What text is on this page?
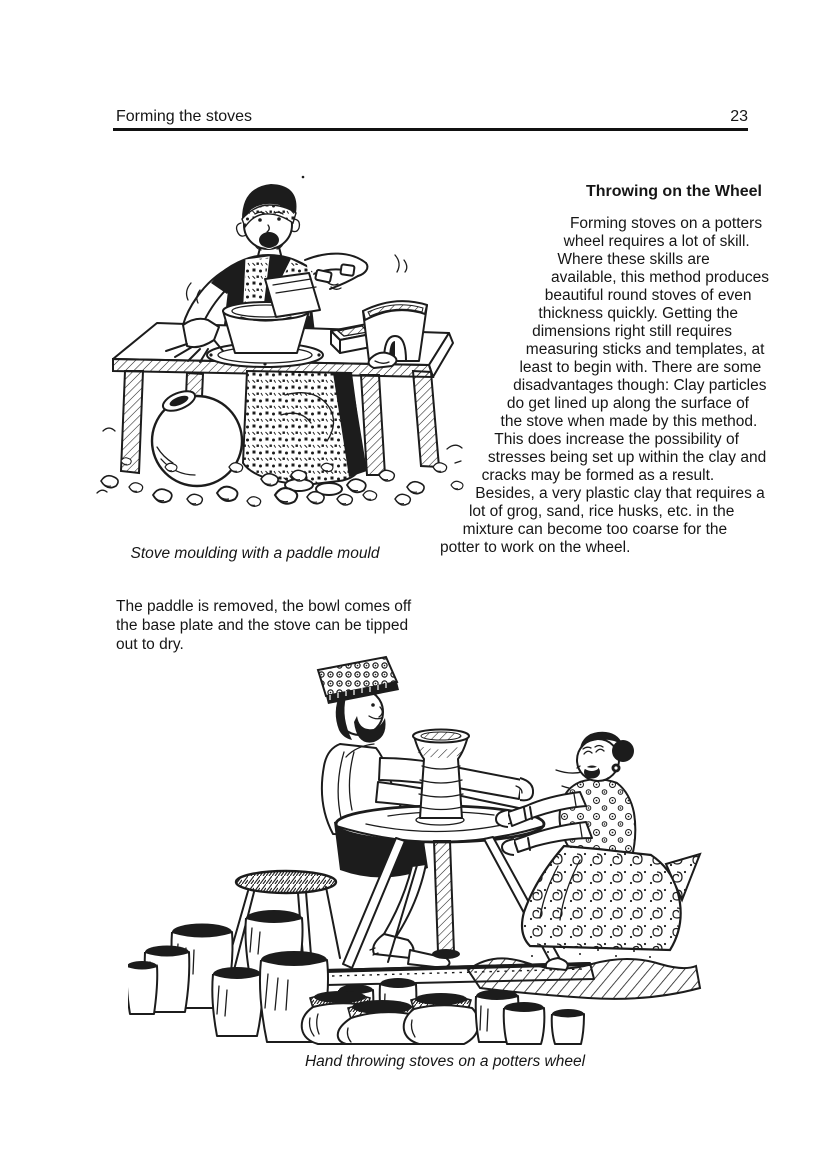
Forming the stoves	23
Stove moulding with a paddle mould
The paddle is removed, the bowl comes off the base plate and the stove can be tipped out to dry.
Throwing on the Wheel

Forming stoves on a potters wheel requires a lot of skill. Where these skills are available, this method produces beautiful round stoves of even thickness quickly. Getting the dimensions right still requires measuring sticks and templates, at least to begin with. There are some disadvantages though: Clay particles do get lined up along the surface of the stove when made by this method. This does increase the possibility of stresses being set up within the clay and cracks may be formed as a result. Besides, a very plastic clay that requires a lot of grog, sand, rice husks, etc. in the mixture can become too coarse for the potter to work on the wheel.

Hand throwing stoves on a potters wheel
